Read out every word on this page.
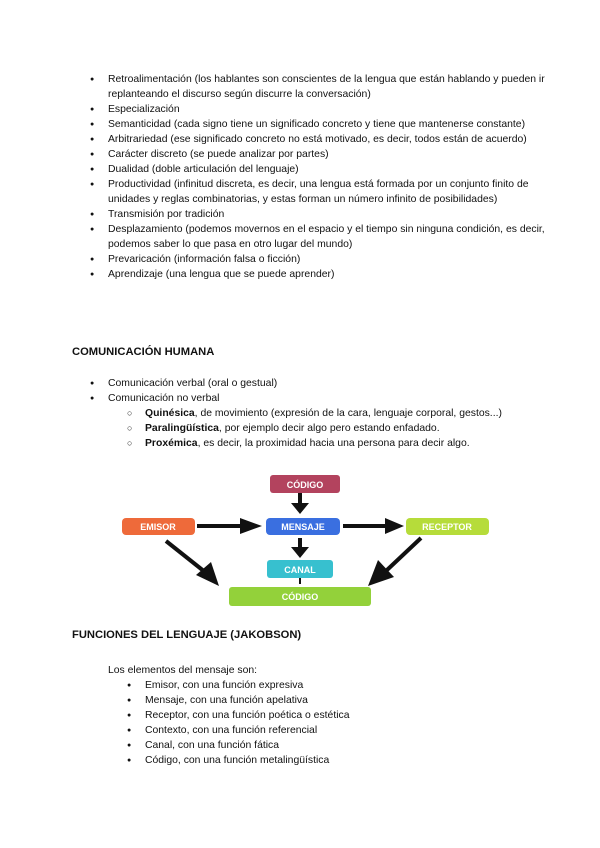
● Retroalimentación (los hablantes son conscientes de la lengua que están hablando y pueden ir replanteando el discurso según discurre la conversación)
● Especialización
● Semanticidad (cada signo tiene un significado concreto y tiene que mantenerse constante)
● Arbitrariedad (ese significado concreto no está motivado, es decir, todos están de acuerdo)
● Carácter discreto (se puede analizar por partes)
● Dualidad (doble articulación del lenguaje)
● Productividad (infinitud discreta, es decir, una lengua está formada por un conjunto finito de unidades y reglas combinatorias, y estas forman un número infinito de posibilidades)
● Transmisión por tradición
● Desplazamiento (podemos movernos en el espacio y el tiempo sin ninguna condición, es decir, podemos saber lo que pasa en otro lugar del mundo)
● Prevaricación (información falsa o ficción)
● Aprendizaje (una lengua que se puede aprender)
COMUNICACIÓN HUMANA
● Comunicación verbal (oral o gestual)
● Comunicación no verbal
○ Quinésica, de movimiento (expresión de la cara, lenguaje corporal, gestos...)
○ Paralingüística, por ejemplo decir algo pero estando enfadado.
○ Proxémica, es decir, la proximidad hacia una persona para decir algo.
CÓDIGO
EMISOR	MENSAJE	RECEPTOR
CANAL
CÓDIGO
FUNCIONES DEL LENGUAJE (JAKOBSON)
Los elementos del mensaje son:
● Emisor, con una función expresiva
● Mensaje, con una función apelativa
● Receptor, con una función poética o estética
● Contexto, con una función referencial
● Canal, con una función fática
● Código, con una función metalingüística
